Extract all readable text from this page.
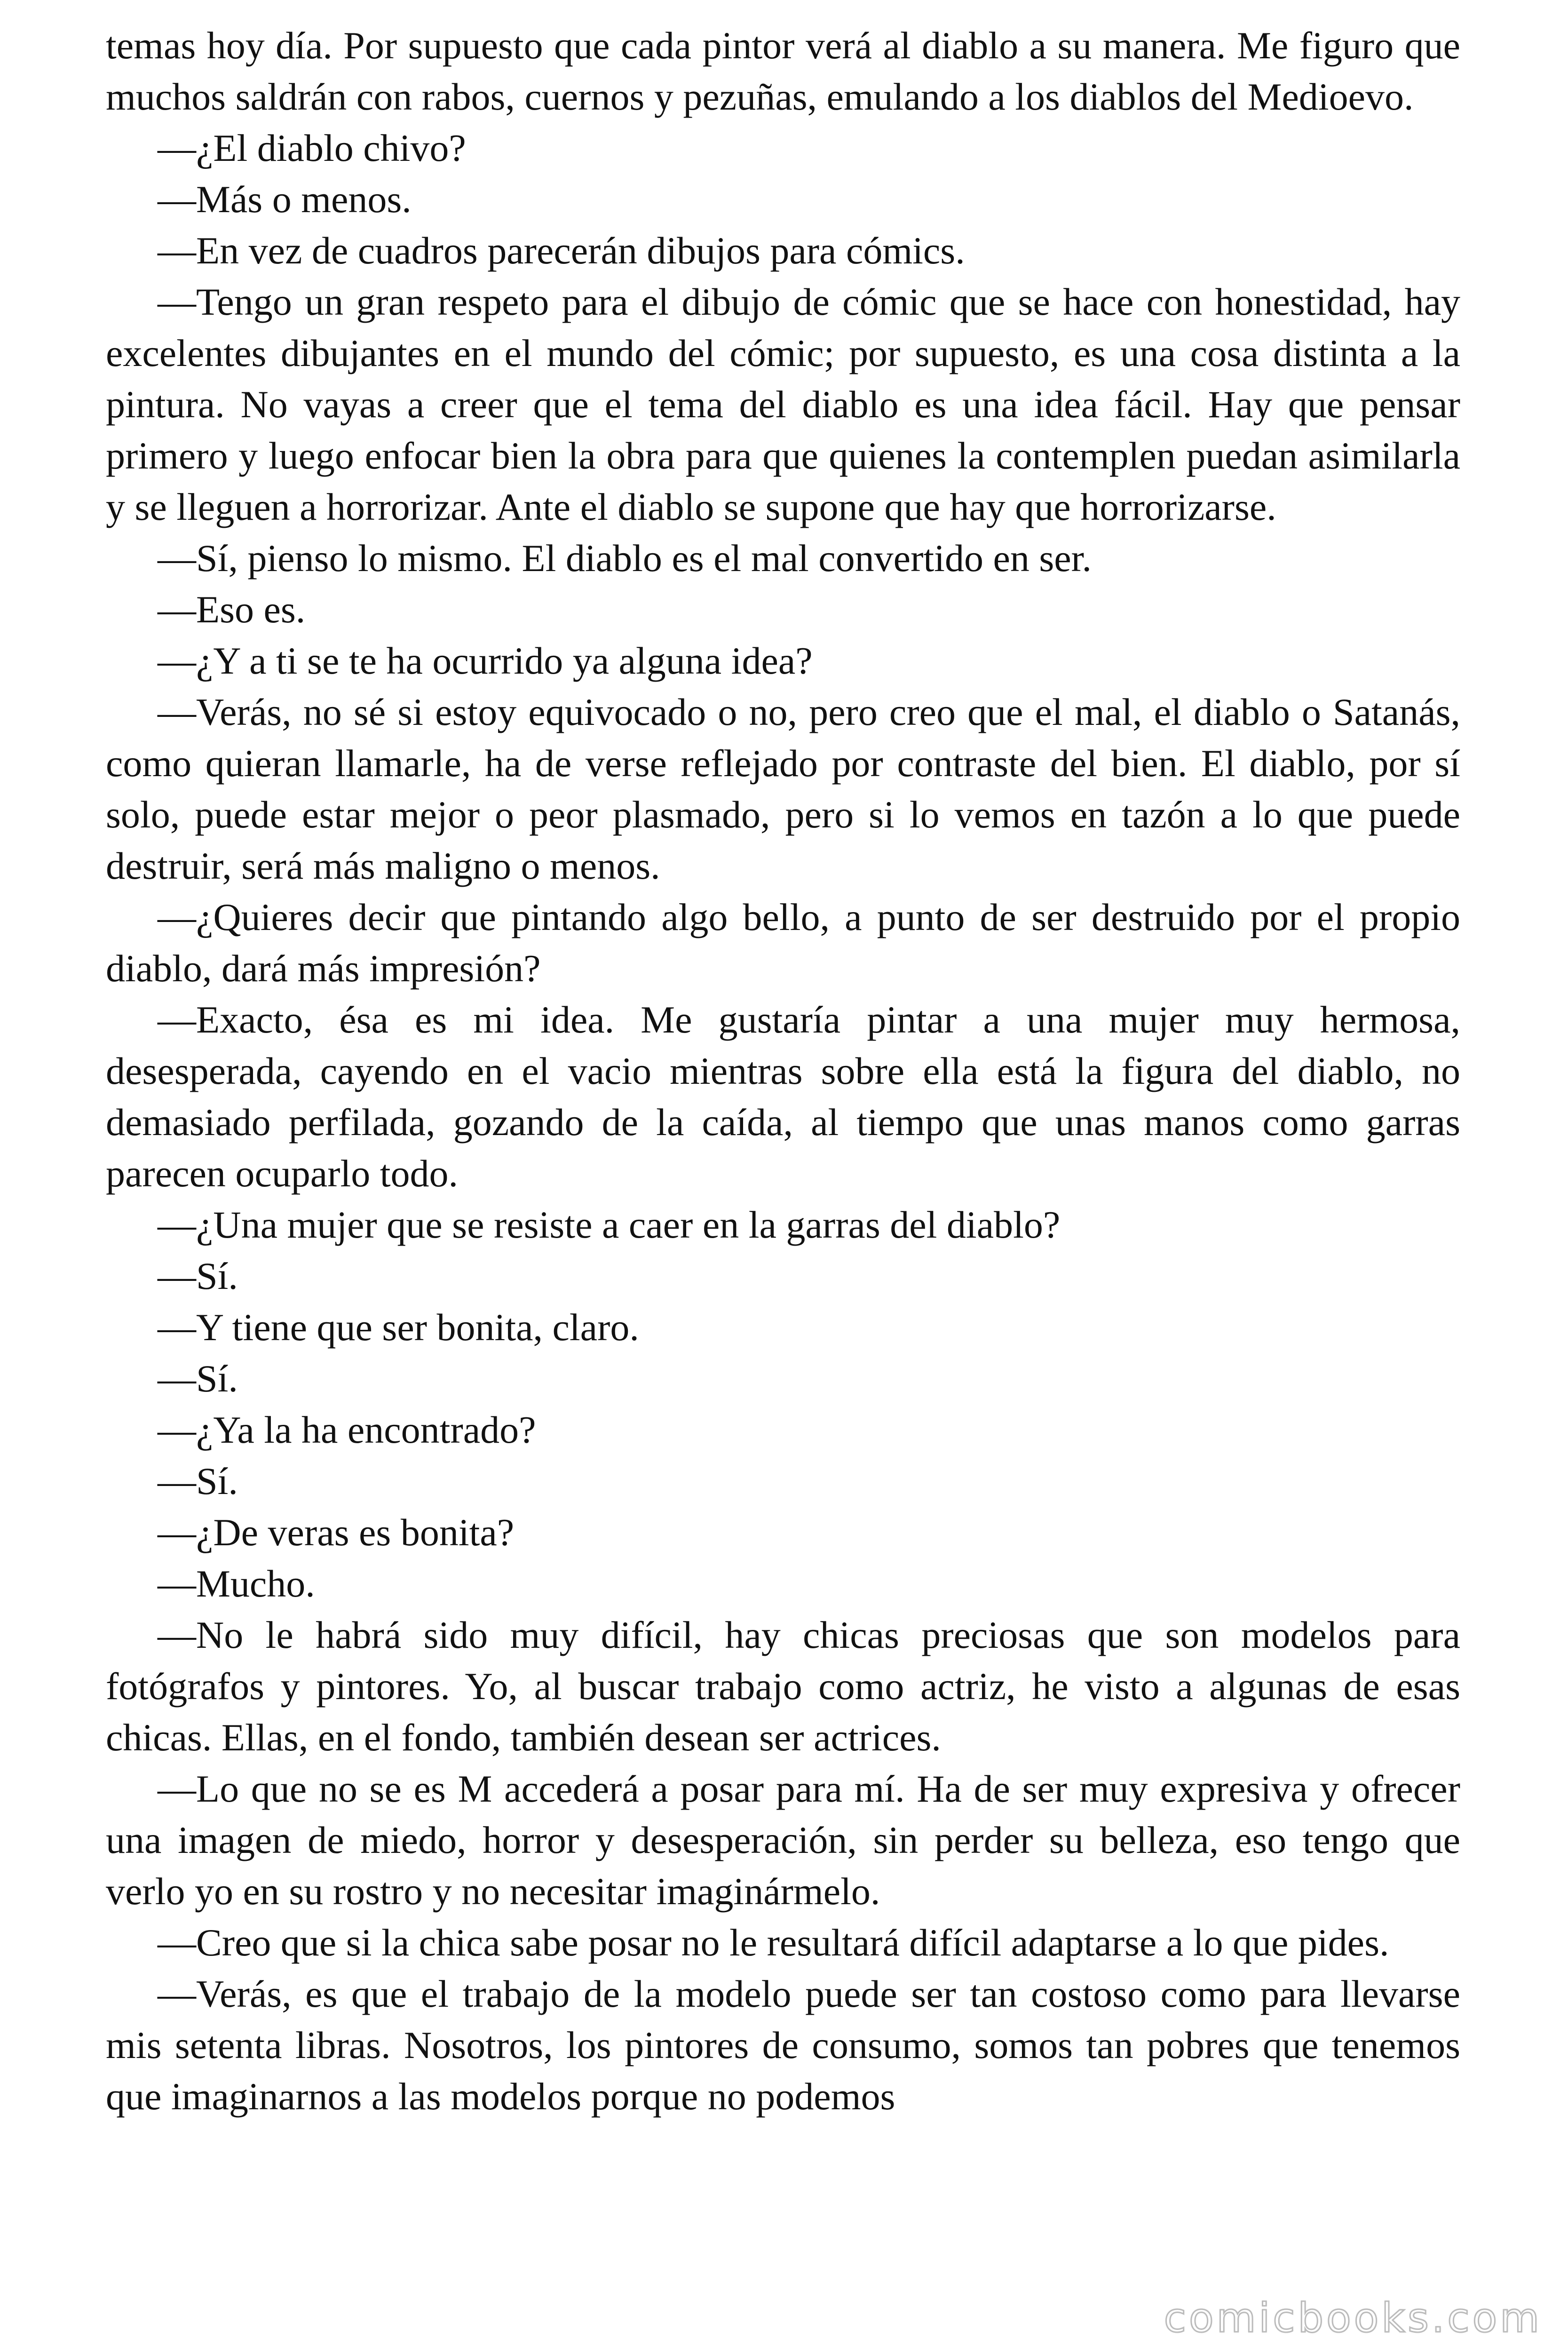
temas hoy día. Por supuesto que cada pintor verá al diablo a su manera. Me figuro que muchos saldrán con rabos, cuernos y pezuñas, emulando a los diablos del Medioevo.

—¿El diablo chivo?

—Más o menos.

—En vez de cuadros parecerán dibujos para cómics.

—Tengo un gran respeto para el dibujo de cómic que se hace con honestidad, hay excelentes dibujantes en el mundo del cómic; por supuesto, es una cosa distinta a la pintura. No vayas a creer que el tema del diablo es una idea fácil. Hay que pensar primero y luego enfocar bien la obra para que quienes la contemplen puedan asimilarla y se lleguen a horrorizar. Ante el diablo se supone que hay que horrorizarse.

—Sí, pienso lo mismo. El diablo es el mal convertido en ser.

—Eso es.

—¿Y a ti se te ha ocurrido ya alguna idea?

—Verás, no sé si estoy equivocado o no, pero creo que el mal, el diablo o Satanás, como quieran llamarle, ha de verse reflejado por contraste del bien. El diablo, por sí solo, puede estar mejor o peor plasmado, pero si lo vemos en tazón a lo que puede destruir, será más maligno o menos.

—¿Quieres decir que pintando algo bello, a punto de ser destruido por el propio diablo, dará más impresión?

—Exacto, ésa es mi idea. Me gustaría pintar a una mujer muy hermosa, desesperada, cayendo en el vacio mientras sobre ella está la figura del diablo, no demasiado perfilada, gozando de la caída, al tiempo que unas manos como garras parecen ocuparlo todo.

—¿Una mujer que se resiste a caer en la garras del diablo?

—Sí.

—Y tiene que ser bonita, claro.

—Sí.

—¿Ya la ha encontrado?

—Sí.

—¿De veras es bonita?

—Mucho.

—No le habrá sido muy difícil, hay chicas preciosas que son modelos para fotógrafos y pintores. Yo, al buscar trabajo como actriz, he visto a algunas de esas chicas. Ellas, en el fondo, también desean ser actrices.

—Lo que no se es M accederá a posar para mí. Ha de ser muy expresiva y ofrecer una imagen de miedo, horror y desesperación, sin perder su belleza, eso tengo que verlo yo en su rostro y no necesitar imaginármelo.

—Creo que si la chica sabe posar no le resultará difícil adaptarse a lo que pides.

—Verás, es que el trabajo de la modelo puede ser tan costoso como para llevarse mis setenta libras. Nosotros, los pintores de consumo, somos tan pobres que tenemos que imaginarnos a las modelos porque no podemos

comicbooks.com
